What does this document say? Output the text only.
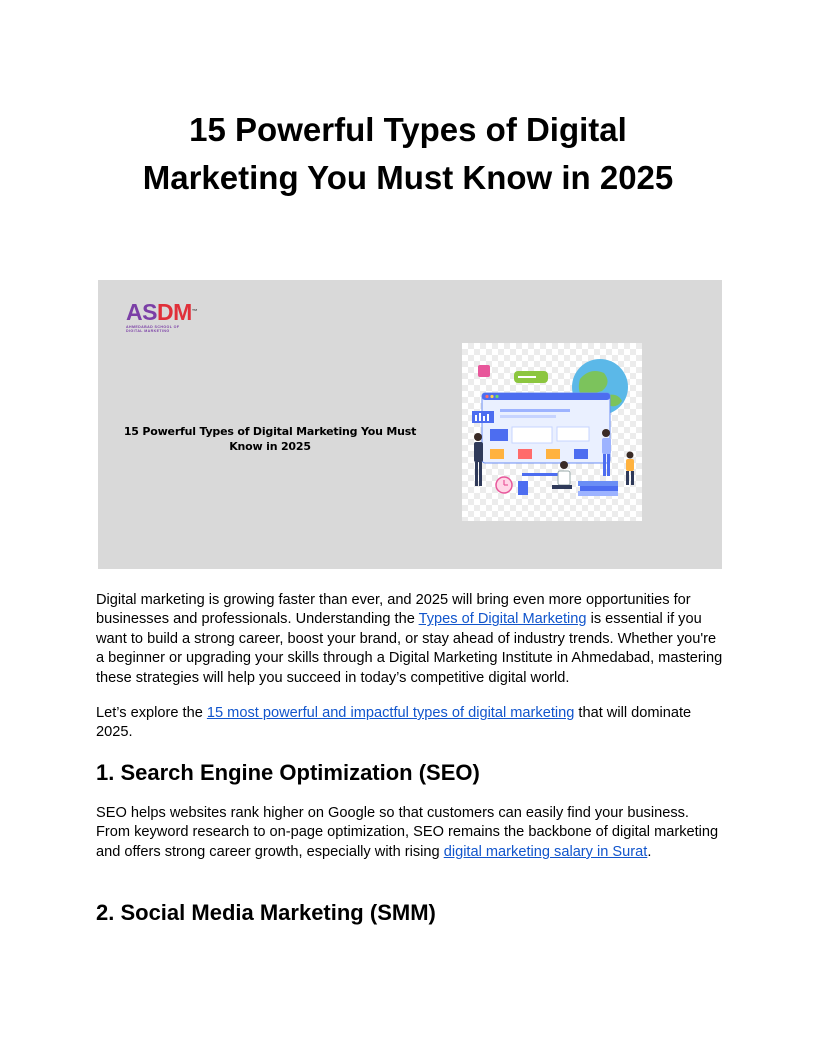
15 Powerful Types of Digital
Marketing You Must Know in 2025
ASDM™
AHMEDABAD SCHOOL OF
DIGITAL MARKETING
15 Powerful Types of Digital Marketing You Must
Know in 2025

Digital marketing is growing faster than ever, and 2025 will bring even more opportunities for businesses and professionals. Understanding the Types of Digital Marketing is essential if you want to build a strong career, boost your brand, or stay ahead of industry trends. Whether you're a beginner or upgrading your skills through a Digital Marketing Institute in Ahmedabad, mastering these strategies will help you succeed in today’s competitive digital world.

Let’s explore the 15 most powerful and impactful types of digital marketing that will dominate 2025.

1. Search Engine Optimization (SEO)

SEO helps websites rank higher on Google so that customers can easily find your business. From keyword research to on-page optimization, SEO remains the backbone of digital marketing and offers strong career growth, especially with rising digital marketing salary in Surat.

2. Social Media Marketing (SMM)
